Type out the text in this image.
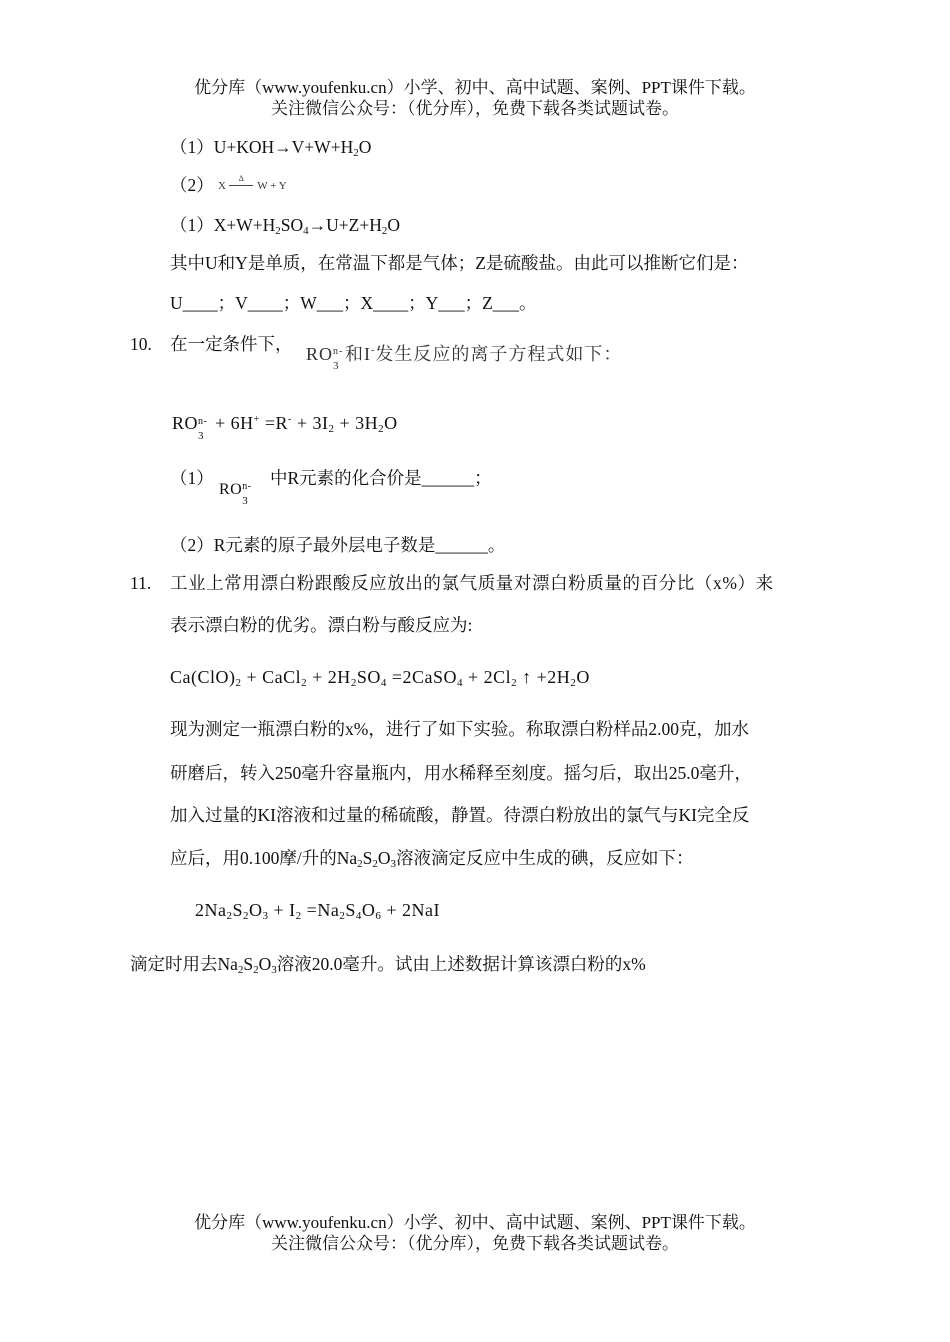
优分库（www.youfenku.cn）小学、初中、高中试题、案例、PPT课件下载。
关注微信公众号：（优分库），免费下载各类试题试卷。
$(1)U+KOH\to V+W+H_2O$
（2） X
Δ
W + Y
$(1)X+W+H_2SO_4\to U+Z+H_2O$
其中U和Y是单质，在常温下都是气体；Z是硫酸盐。由此可以推断它们是：
U____；V____；W___；X____；Y___；Z___。
10. 在一定条件下， RO n-
3
和I-发生反应的离子方程式如下：
RO n-
3
+ $6H^+ =R^- + 3I_2 + 3H_2O$
（1）
RO n-
3
中R元素的化合价是______；
（2）R元素的原子最外层电子数是______。
11. 工业上常用漂白粉跟酸反应放出的氯气质量对漂白粉质量的百分比（x%）来
表示漂白粉的优劣。漂白粉与酸反应为:
$Ca(ClO)_2$ + CaCl$_2$ + $2H_2SO_4$ =2CaSO$_4$ + $2Cl_2$ ↑ $+2H_2O$
现为测定一瓶漂白粉的x%，进行了如下实验。称取漂白粉样品2.00克，加水
研磨后，转入250毫升容量瓶内，用水稀释至刻度。摇匀后，取出25.0毫升，
加入过量的KI溶液和过量的稀硫酸，静置。待漂白粉放出的氯气与KI完全反
应后，用0.100摩/升的$Na_2S_2O_3$溶液滴定反应中生成的碘，反应如下：
$2Na_2S_2O_3 + I_2 =Na_2S_4O_6 + 2NaI$
滴定时用去$Na_2S_2O_3$溶液20.0毫升。试由上述数据计算该漂白粉的x%
优分库（www.youfenku.cn）小学、初中、高中试题、案例、PPT课件下载。
关注微信公众号：（优分库），免费下载各类试题试卷。
